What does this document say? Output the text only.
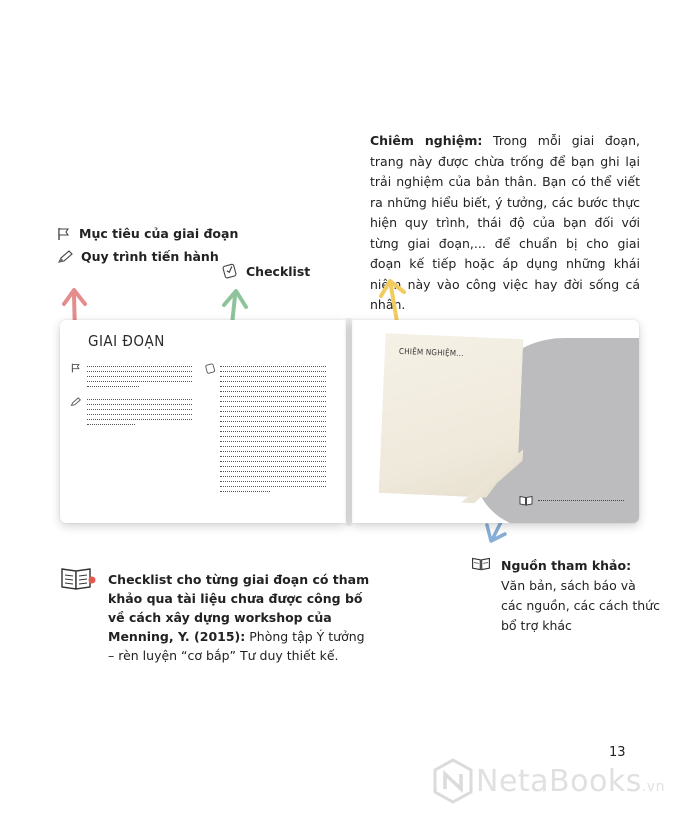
Mục tiêu của giai đoạn
Quy trình tiến hành
Checklist
Chiêm nghiệm: Trong mỗi giai đoạn, trang này được chừa trống để bạn ghi lại trải nghiệm của bản thân. Bạn có thể viết ra những hiểu biết, ý tưởng, các bước thực hiện quy trình, thái độ của bạn đối với từng giai đoạn,... để chuẩn bị cho giai đoạn kế tiếp hoặc áp dụng những khái niệm này vào công việc hay đời sống cá nhân.
GIAI ĐOẠN
CHIÊM NGHIỆM...
Checklist cho từng giai đoạn có tham khảo qua tài liệu chưa được công bố về cách xây dựng workshop của Menning, Y. (2015): Phòng tập Ý tưởng – rèn luyện “cơ bắp” Tư duy thiết kế.
Nguồn tham khảo:
Văn bản, sách báo và các nguồn, các cách thức bổ trợ khác
13
NetaBooks.vn
